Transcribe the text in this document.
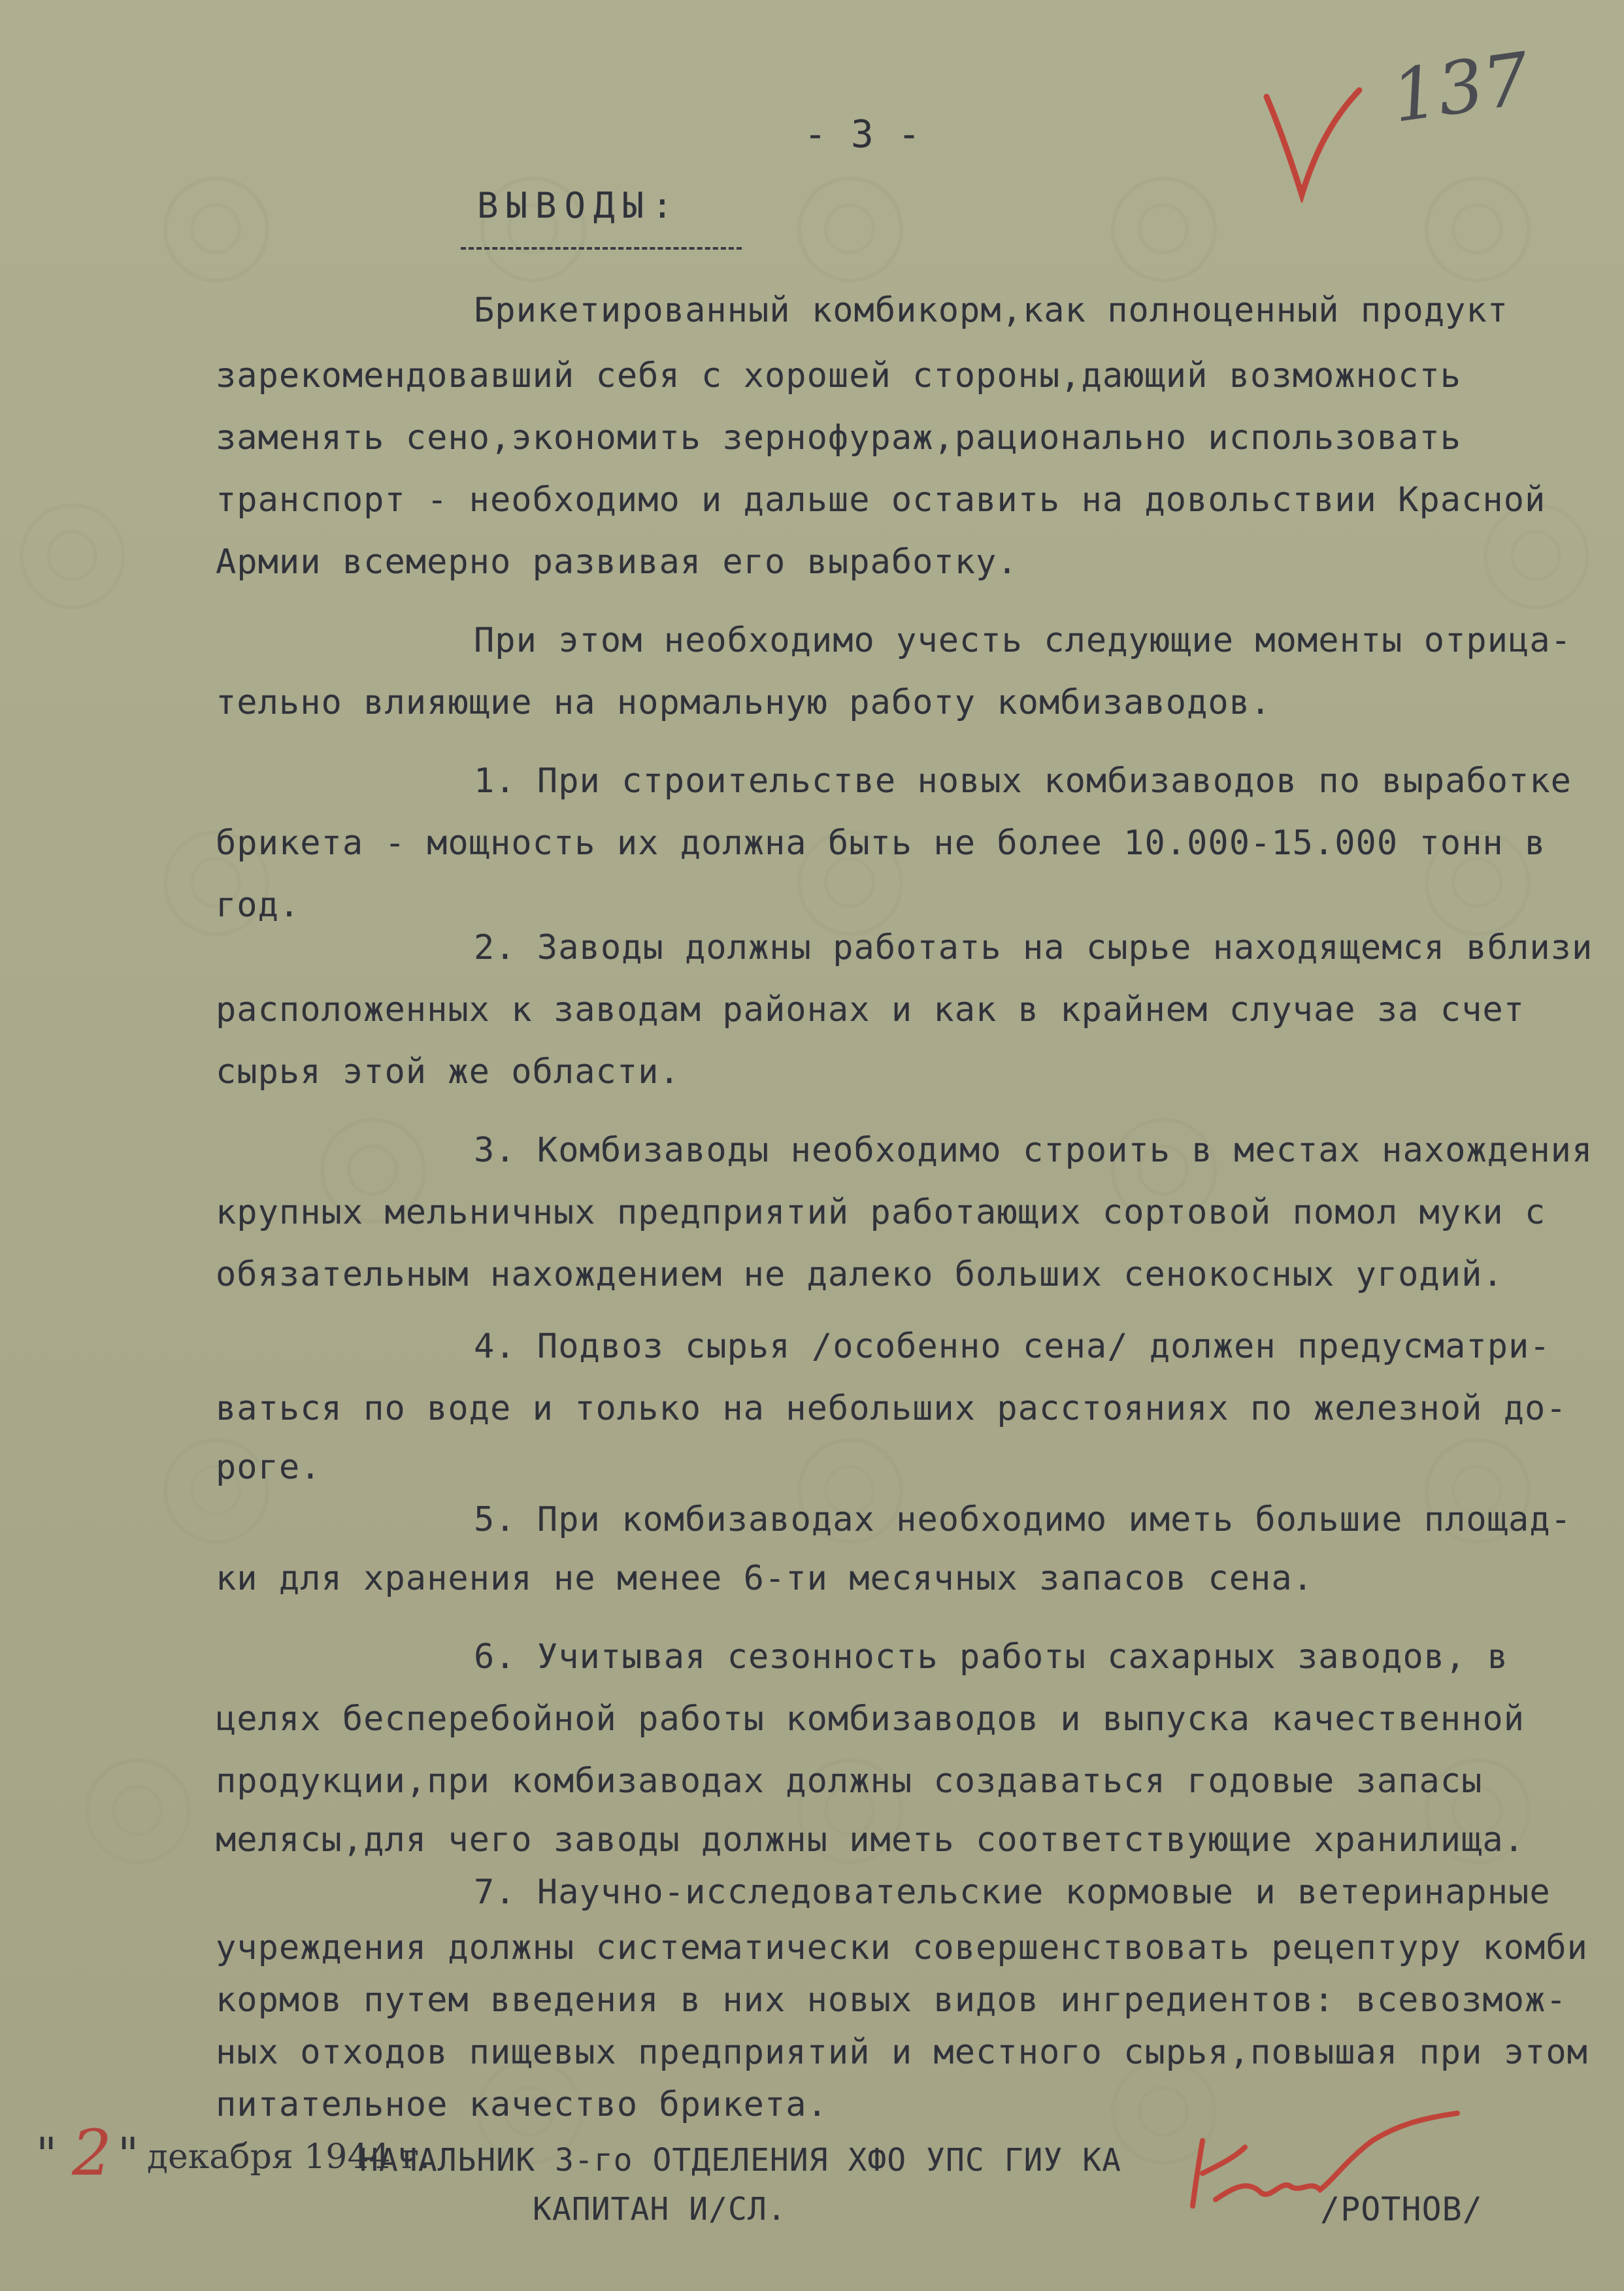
137
- 3 -
ВЫВОДЫ:
Брикетированный комбикорм,как полноценный продукт
зарекомендовавший себя с хорошей стороны,дающий возможность
заменять сено,экономить зернофураж,рационально использовать
транспорт - необходимо и дальше оставить на довольствии Красной
Армии всемерно развивая его выработку.
При этом необходимо учесть следующие моменты отрица-
тельно влияющие на нормальную работу комбизаводов.
1. При строительстве новых комбизаводов по выработке
брикета - мощность их должна быть не более 10.000-15.000 тонн в
год.
2. Заводы должны работать на сырье находящемся вблизи
расположенных к заводам районах и как в крайнем случае за счет
сырья этой же области.
3. Комбизаводы необходимо строить в местах нахождения
крупных мельничных предприятий работающих сортовой помол муки с
обязательным нахождением не далеко больших сенокосных угодий.
4. Подвоз сырья /особенно сена/ должен предусматри-
ваться по воде и только на небольших расстояниях по железной до-
роге.
5. При комбизаводах необходимо иметь большие площад-
ки для хранения не менее 6-ти месячных запасов сена.
6. Учитывая сезонность работы сахарных заводов, в
целях бесперебойной работы комбизаводов и выпуска качественной
продукции,при комбизаводах должны создаваться годовые запасы
мелясы,для чего заводы должны иметь соответствующие хранилища.
7. Научно-исследовательские кормовые и ветеринарные
учреждения должны систематически совершенствовать рецептуру комби
кормов путем введения в них новых видов ингредиентов: всевозмож-
ных отходов пищевых предприятий и местного сырья,повышая при этом
питательное качество брикета.
НАЧАЛЬНИК 3-го ОТДЕЛЕНИЯ ХФО УПС ГИУ КА
КАПИТАН И/СЛ.	/РОТНОВ/
" 2 " декабря 1944 г.
